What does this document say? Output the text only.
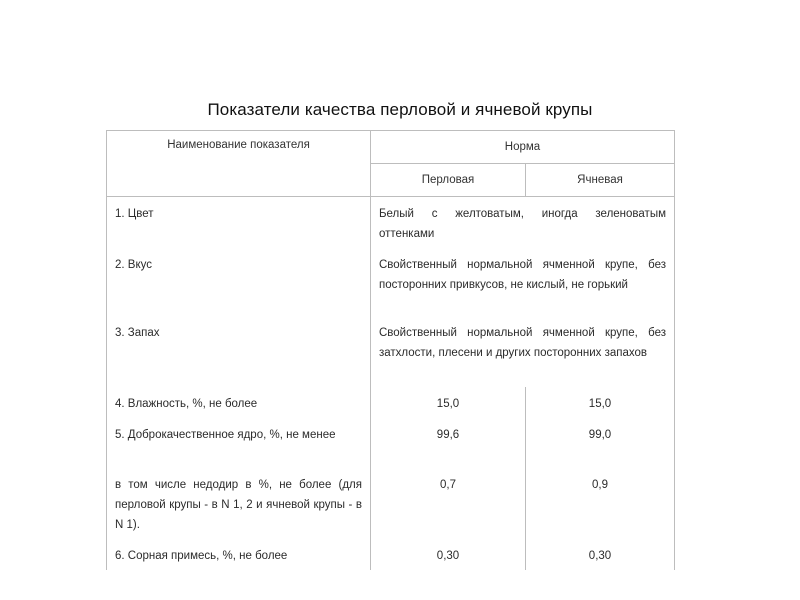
Показатели качества перловой и ячневой крупы
Наименование показателя	Норма	
	Перловая	Ячневая
1. Цвет	Белый с желтоватым, иногда зеленоватым оттенками	
2. Вкус	Свойственный нормальной ячменной крупе, без посторонних привкусов, не кислый, не горький	
3. Запах	Свойственный нормальной ячменной крупе, без затхлости, плесени и других посторонних запахов	
4. Влажность, %, не более	15,0	15,0
5. Доброкачественное ядро, %, не менее	99,6	99,0
в том числе недодир в %, не более (для перловой крупы - в N 1, 2 и ячневой крупы - в N 1).	0,7	0,9
6. Сорная примесь, %, не более	0,30	0,30
